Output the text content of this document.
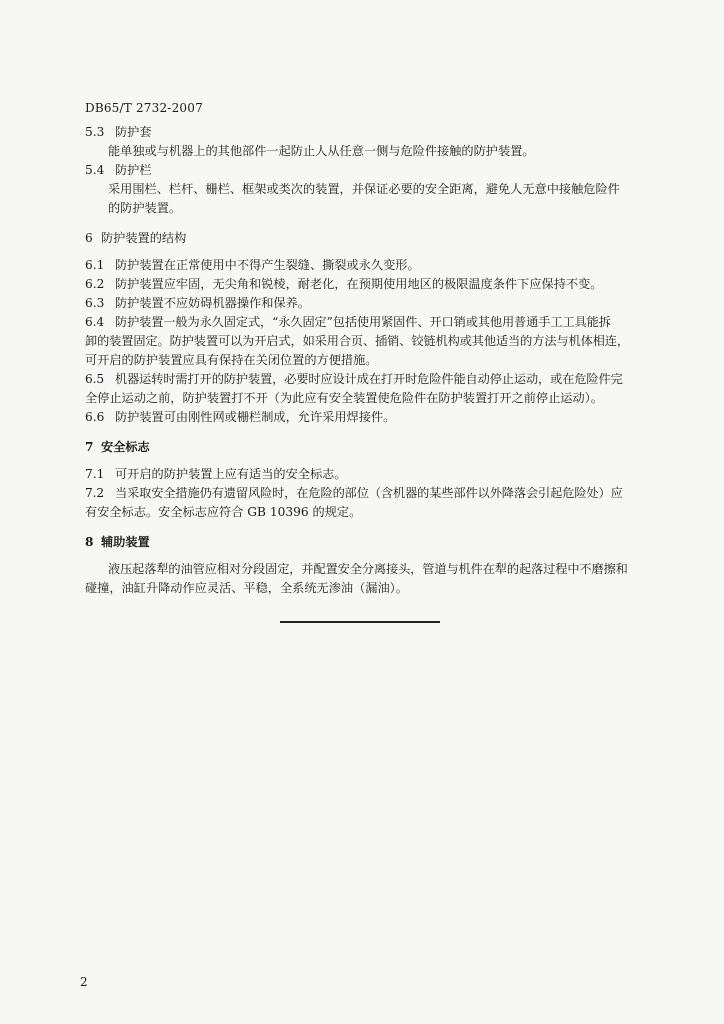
DB65/T 2732-2007
5.3 防护套
能单独或与机器上的其他部件一起防止人从任意一侧与危险件接触的防护装置。
5.4 防护栏
采用围栏、栏杆、栅栏、框架或类次的装置，并保证必要的安全距离，避免人无意中接触危险件
的防护装置。
6 防护装置的结构
6.1 防护装置在正常使用中不得产生裂缝、撕裂或永久变形。
6.2 防护装置应牢固，无尖角和锐棱，耐老化，在预期使用地区的极限温度条件下应保持不变。
6.3 防护装置不应妨碍机器操作和保养。
6.4 防护装置一般为永久固定式，“永久固定”包括使用紧固件、开口销或其他用普通手工工具能拆
卸的装置固定。防护装置可以为开启式，如采用合页、插销、铰链机构或其他适当的方法与机体相连，
可开启的防护装置应具有保持在关闭位置的方便措施。
6.5 机器运转时需打开的防护装置，必要时应设计成在打开时危险件能自动停止运动，或在危险件完
全停止运动之前，防护装置打不开（为此应有安全装置使危险件在防护装置打开之前停止运动）。
6.6 防护装置可由刚性网或栅栏制成，允许采用焊接件。
7 安全标志
7.1 可开启的防护装置上应有适当的安全标志。
7.2 当采取安全措施仍有遗留风险时，在危险的部位（含机器的某些部件以外降落会引起危险处）应
有安全标志。安全标志应符合 GB 10396 的规定。
8 辅助装置
液压起落犁的油管应相对分段固定，并配置安全分离接头，管道与机件在犁的起落过程中不磨擦和
碰撞，油缸升降动作应灵活、平稳，全系统无渗油（漏油）。
2
